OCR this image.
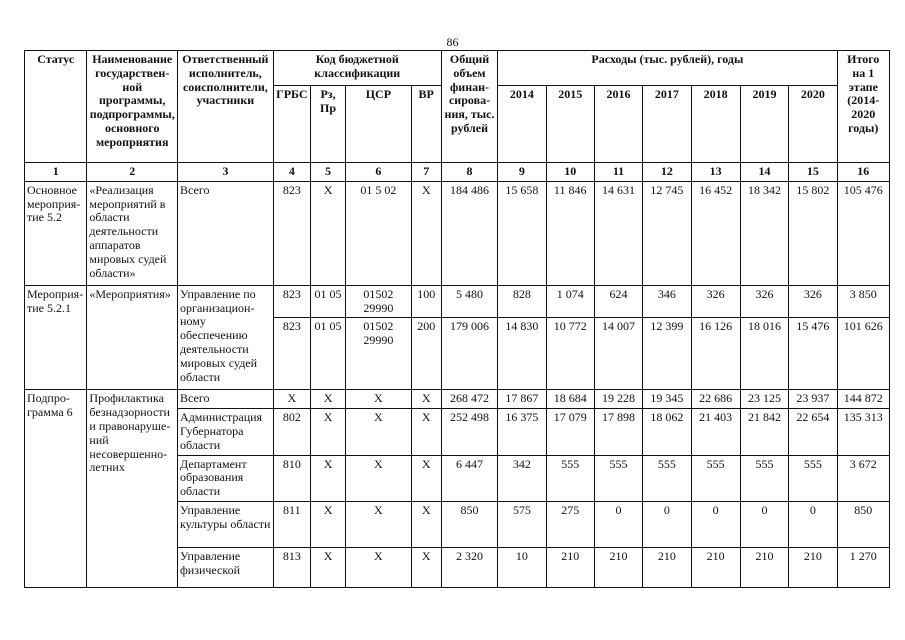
86
Статус	Наименование государствен-ной программы, подпрограммы, основного мероприятия	Ответственный исполнитель, соисполнители, участники	Код бюджетной классификации				Общий объем финан-сирова-ния, тыс. рублей	Расходы (тыс. рублей), годы							Итого на 1 этапе (2014-2020 годы)
			ГРБС	Рз, Пр	ЦСР	ВР		2014	2015	2016	2017	2018	2019	2020	
1	2	3	4	5	6	7	8	9	10	11	12	13	14	15	16
Основное мероприя-тие 5.2	«Реализация мероприятий в области деятельности аппаратов мировых судей области»	Всего	823	Х	01 5 02	Х	184 486	15 658	11 846	14 631	12 745	16 452	18 342	15 802	105 476
Мероприя-тие 5.2.1	«Мероприятия»	Управление по организацион-ному обеспечению деятельности мировых судей области	823	01 05	01502 29990	100	5 480	828	1 074	624	346	326	326	326	3 850
			823	01 05	01502 29990	200	179 006	14 830	10 772	14 007	12 399	16 126	18 016	15 476	101 626
Подпро-грамма 6	Профилактика безнадзорности и правонаруше-ний несовершенно-летних	Всего	Х	Х	Х	Х	268 472	17 867	18 684	19 228	19 345	22 686	23 125	23 937	144 872
		Администрация Губернатора области	802	Х	Х	Х	252 498	16 375	17 079	17 898	18 062	21 403	21 842	22 654	135 313
		Департамент образования области	810	Х	Х	Х	6 447	342	555	555	555	555	555	555	3 672
		Управление культуры области	811	Х	Х	Х	850	575	275	0	0	0	0	0	850
		Управление физической	813	Х	Х	Х	2 320	10	210	210	210	210	210	210	1 270
